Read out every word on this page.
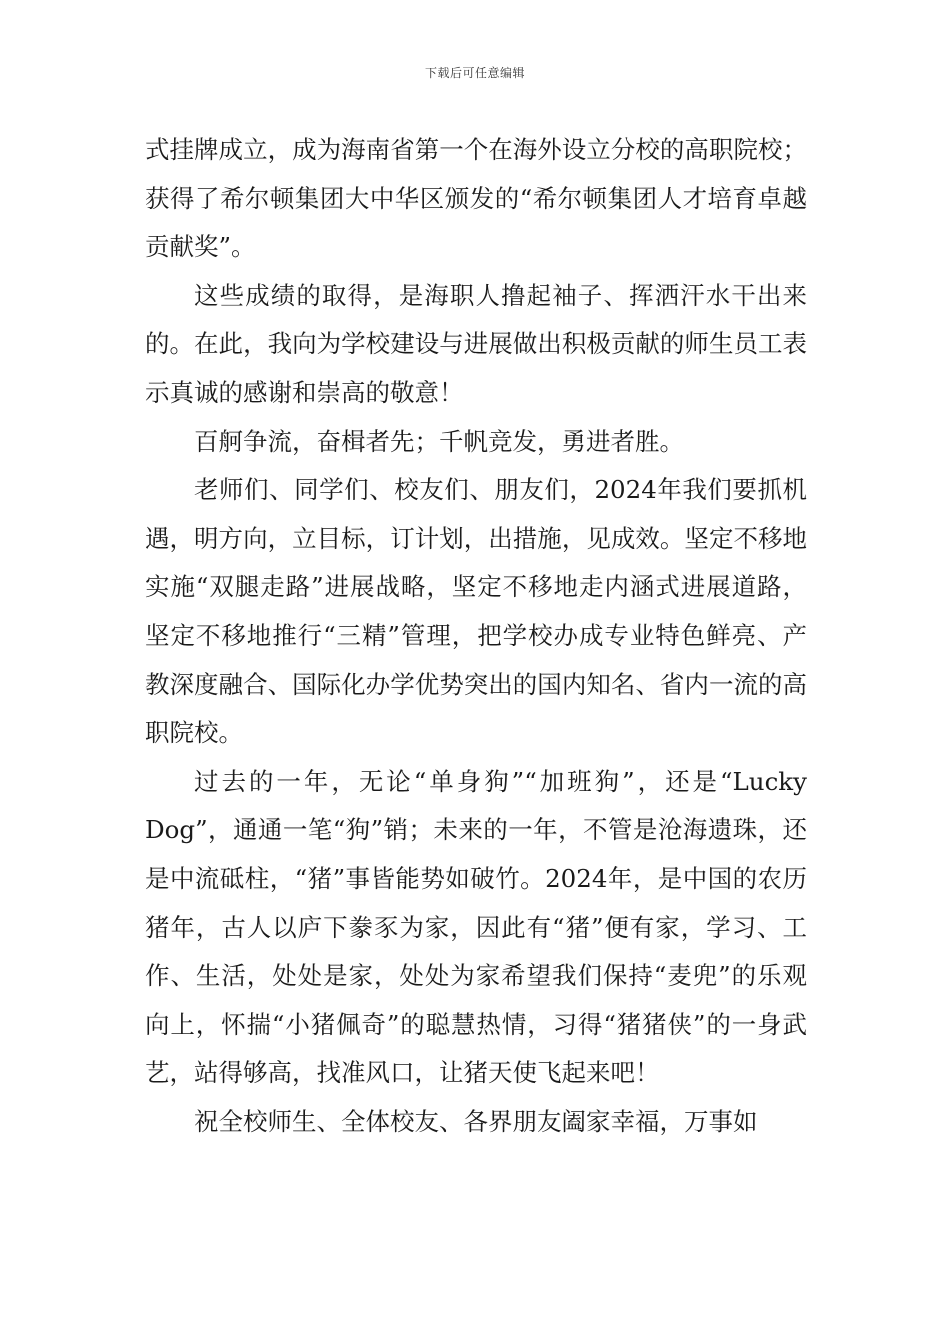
下载后可任意编辑

式挂牌成立，成为海南省第一个在海外设立分校的高职院校；获得了希尔顿集团大中华区颁发的“希尔顿集团人才培育卓越贡献奖”。

这些成绩的取得，是海职人撸起袖子、挥洒汗水干出来的。在此，我向为学校建设与进展做出积极贡献的师生员工表示真诚的感谢和崇高的敬意！

百舸争流，奋楫者先；千帆竞发，勇进者胜。

老师们、同学们、校友们、朋友们，2024年我们要抓机遇，明方向，立目标，订计划，出措施，见成效。坚定不移地实施“双腿走路”进展战略，坚定不移地走内涵式进展道路，坚定不移地推行“三精”管理，把学校办成专业特色鲜亮、产教深度融合、国际化办学优势突出的国内知名、省内一流的高职院校。

过去的一年，无论“单身狗”“加班狗”，还是“Lucky Dog”，通通一笔“狗”销；未来的一年，不管是沧海遗珠，还是中流砥柱，“猪”事皆能势如破竹。2024年，是中国的农历猪年，古人以庐下豢豕为家，因此有“猪”便有家，学习、工作、生活，处处是家，处处为家希望我们保持“麦兜”的乐观向上，怀揣“小猪佩奇”的聪慧热情，习得“猪猪侠”的一身武艺，站得够高，找准风口，让猪天使飞起来吧！

祝全校师生、全体校友、各界朋友阖家幸福，万事如
